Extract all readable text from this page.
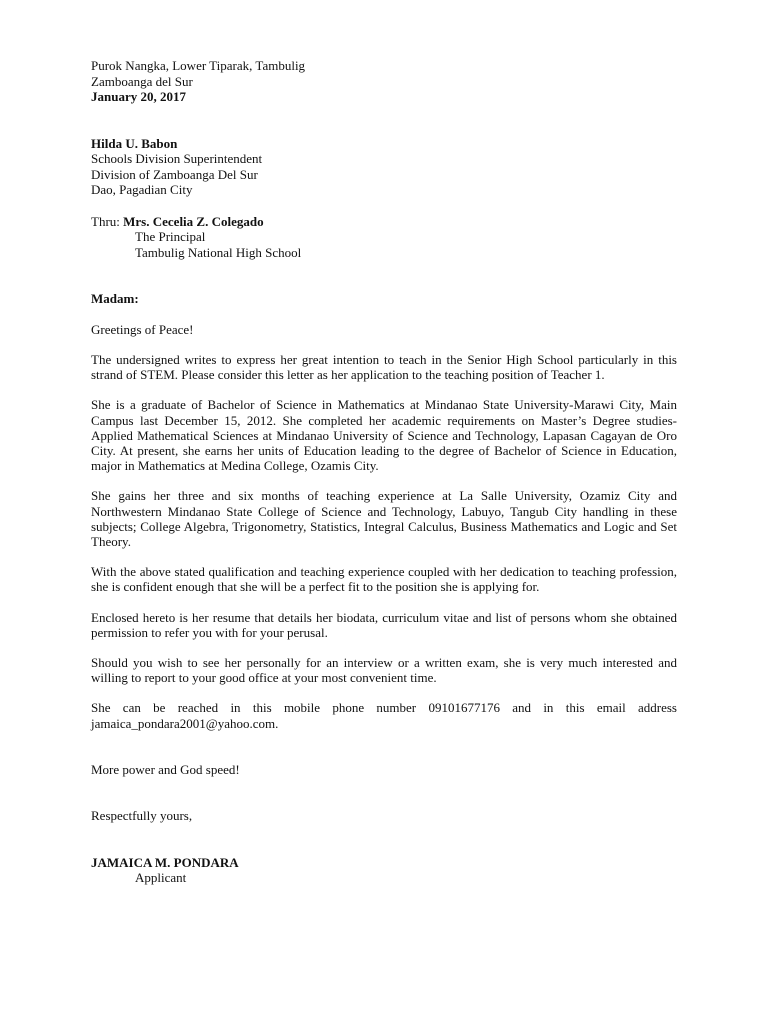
Purok Nangka, Lower Tiparak, Tambulig
Zamboanga del Sur
January 20, 2017
Hilda U. Babon
Schools Division Superintendent
Division of Zamboanga Del Sur
Dao, Pagadian City
Thru: Mrs. Cecelia Z. Colegado
The Principal
Tambulig National High School
Madam:
Greetings of Peace!
The undersigned writes to express her great intention to teach in the Senior High School particularly in this strand of STEM. Please consider this letter as her application to the teaching position of Teacher 1.
She is a graduate of Bachelor of Science in Mathematics at Mindanao State University-Marawi City, Main Campus last December 15, 2012. She completed her academic requirements on Master’s Degree studies-Applied Mathematical Sciences at Mindanao University of Science and Technology, Lapasan Cagayan de Oro City. At present, she earns her units of Education leading to the degree of Bachelor of Science in Education, major in Mathematics at Medina College, Ozamis City.
She gains her three and six months of teaching experience at La Salle University, Ozamiz City and Northwestern Mindanao State College of Science and Technology, Labuyo, Tangub City handling in these subjects; College Algebra, Trigonometry, Statistics, Integral Calculus, Business Mathematics and Logic and Set Theory.
With the above stated qualification and teaching experience coupled with her dedication to teaching profession, she is confident enough that she will be a perfect fit to the position she is applying for.
Enclosed hereto is her resume that details her biodata, curriculum vitae and list of persons whom she obtained permission to refer you with for your perusal.
Should you wish to see her personally for an interview or a written exam, she is very much interested and willing to report to your good office at your most convenient time.
She can be reached in this mobile phone number 09101677176 and in this email address jamaica_pondara2001@yahoo.com.
More power and God speed!
Respectfully yours,
JAMAICA M. PONDARA
Applicant
